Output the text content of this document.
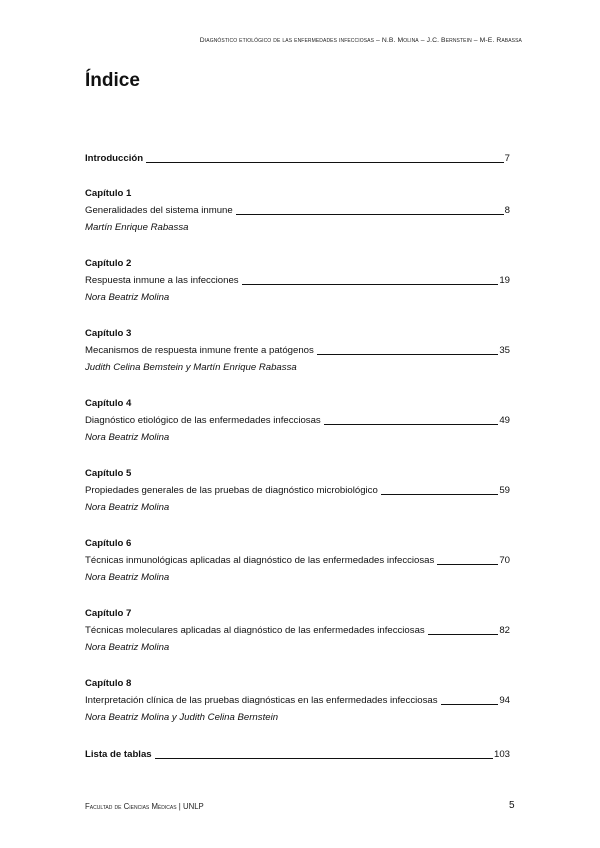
Diagnóstico etiológico de las enfermedades infecciosas – N.B. Molina – J.C. Bernstein – M-E. Rabassa
Índice
Introducción	7
Capítulo 1
Generalidades del sistema inmune	8
Martín Enrique Rabassa
Capítulo 2
Respuesta inmune a las infecciones	19
Nora Beatriz Molina
Capítulo 3
Mecanismos de respuesta inmune frente a patógenos	35
Judith Celina Bemstein y Martín Enrique Rabassa
Capítulo 4
Diagnóstico etiológico de las enfermedades infecciosas	49
Nora Beatriz Molina
Capítulo 5
Propiedades generales de las pruebas de diagnóstico microbiológico	59
Nora Beatriz Molina
Capítulo 6
Técnicas inmunológicas aplicadas al diagnóstico de las enfermedades infecciosas	70
Nora Beatriz Molina
Capítulo 7
Técnicas moleculares aplicadas al diagnóstico de las enfermedades infecciosas	82
Nora Beatriz Molina
Capítulo 8
Interpretación clínica de las pruebas diagnósticas en las enfermedades infecciosas	94
Nora Beatriz Molina y Judith Celina Bernstein
Lista de tablas	103
Facultad de Ciencias Médicas | UNLP	5
